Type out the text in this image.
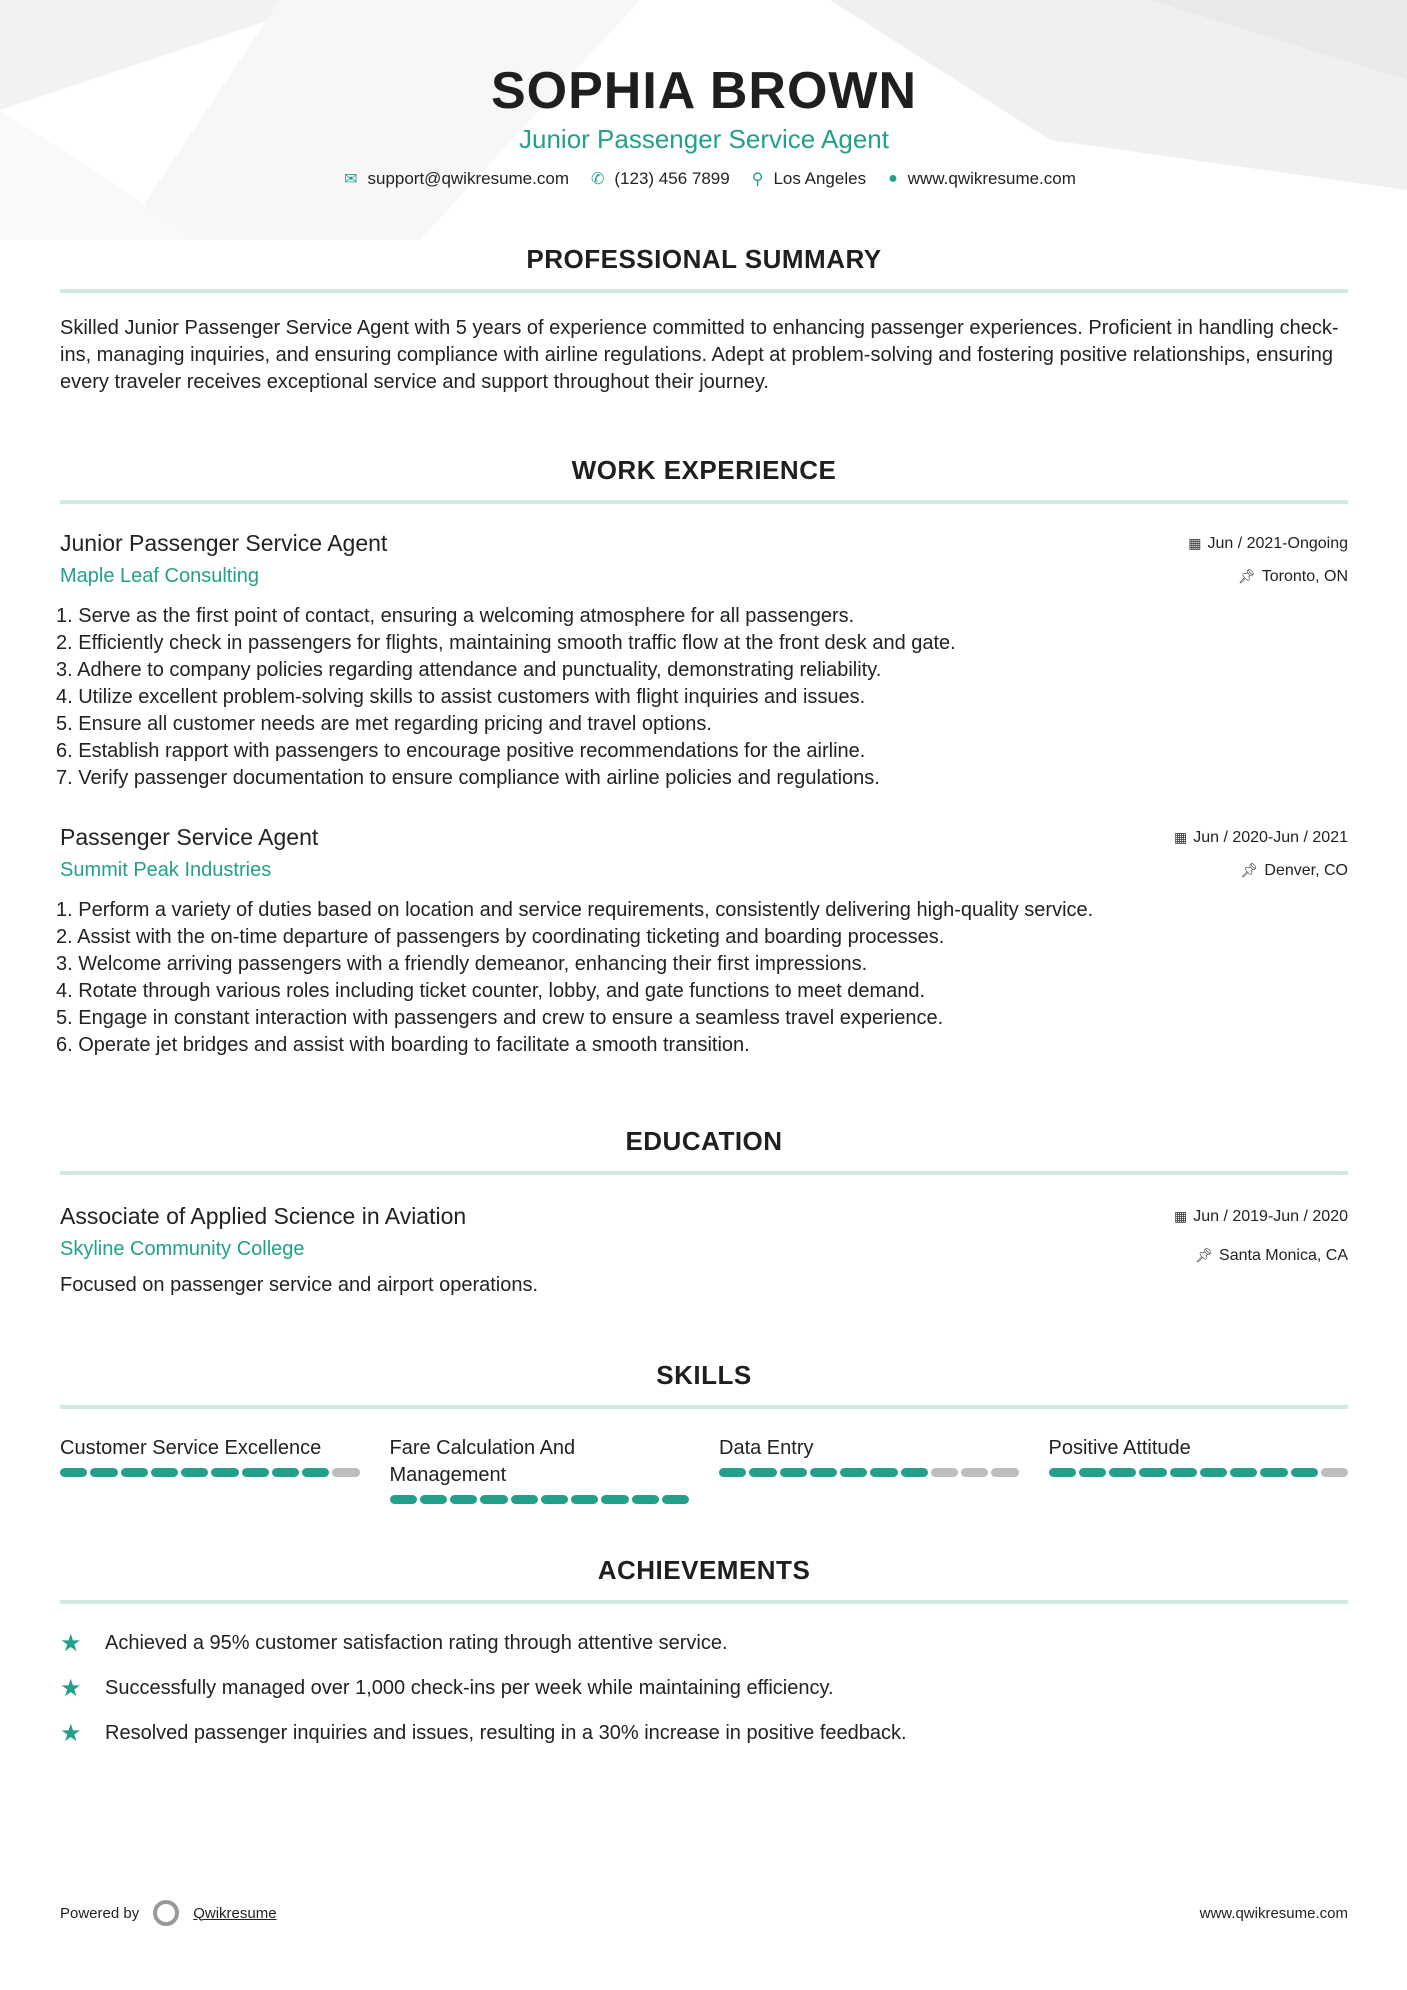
SOPHIA BROWN
Junior Passenger Service Agent
✉ support@qwikresume.com ✆ (123) 456 7899 ⚲ Los Angeles ● www.qwikresume.com
PROFESSIONAL SUMMARY

Skilled Junior Passenger Service Agent with 5 years of experience committed to enhancing passenger experiences. Proficient in handling check-ins, managing inquiries, and ensuring compliance with airline regulations. Adept at problem-solving and fostering positive relationships, ensuring every traveler receives exceptional service and support throughout their journey.

WORK EXPERIENCE
Junior Passenger Service Agent
Maple Leaf Consulting
▦ Jun / 2021-Ongoing
📌︎ Toronto, ON
1. Serve as the first point of contact, ensuring a welcoming atmosphere for all passengers.
2. Efficiently check in passengers for flights, maintaining smooth traffic flow at the front desk and gate.
3. Adhere to company policies regarding attendance and punctuality, demonstrating reliability.
4. Utilize excellent problem-solving skills to assist customers with flight inquiries and issues.
5. Ensure all customer needs are met regarding pricing and travel options.
6. Establish rapport with passengers to encourage positive recommendations for the airline.
7. Verify passenger documentation to ensure compliance with airline policies and regulations.
Passenger Service Agent
Summit Peak Industries
▦ Jun / 2020-Jun / 2021
📌︎ Denver, CO
1. Perform a variety of duties based on location and service requirements, consistently delivering high-quality service.
2. Assist with the on-time departure of passengers by coordinating ticketing and boarding processes.
3. Welcome arriving passengers with a friendly demeanor, enhancing their first impressions.
4. Rotate through various roles including ticket counter, lobby, and gate functions to meet demand.
5. Engage in constant interaction with passengers and crew to ensure a seamless travel experience.
6. Operate jet bridges and assist with boarding to facilitate a smooth transition.
EDUCATION
Associate of Applied Science in Aviation
Skyline Community College
▦ Jun / 2019-Jun / 2020
📌︎ Santa Monica, CA

Focused on passenger service and airport operations.

SKILLS
Customer Service Excellence	Fare Calculation And Management
Data Entry	Positive Attitude
ACHIEVEMENTS
★	Achieved a 95% customer satisfaction rating through attentive service.
★	Successfully managed over 1,000 check-ins per week while maintaining efficiency.
★	Resolved passenger inquiries and issues, resulting in a 30% increase in positive feedback.
Powered by	Qwikresume	www.qwikresume.com
